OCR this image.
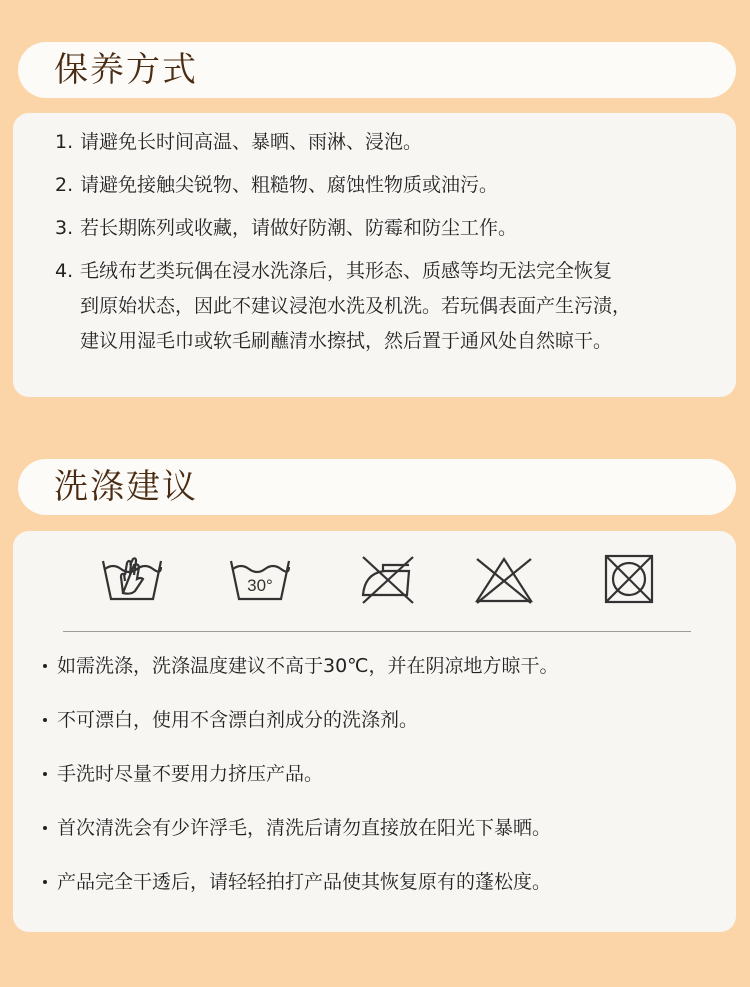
保养方式
1. 请避免长时间高温、暴晒、雨淋、浸泡。
2. 请避免接触尖锐物、粗糙物、腐蚀性物质或油污。
3. 若长期陈列或收藏，请做好防潮、防霉和防尘工作。
4. 毛绒布艺类玩偶在浸水洗涤后，其形态、质感等均无法完全恢复
到原始状态，因此不建议浸泡水洗及机洗。若玩偶表面产生污渍，
建议用湿毛巾或软毛刷蘸清水擦拭，然后置于通风处自然晾干。
洗涤建议
30°
如需洗涤，洗涤温度建议不高于30℃，并在阴凉地方晾干。
不可漂白，使用不含漂白剂成分的洗涤剂。
手洗时尽量不要用力挤压产品。
首次清洗会有少许浮毛，清洗后请勿直接放在阳光下暴晒。
产品完全干透后，请轻轻拍打产品使其恢复原有的蓬松度。
